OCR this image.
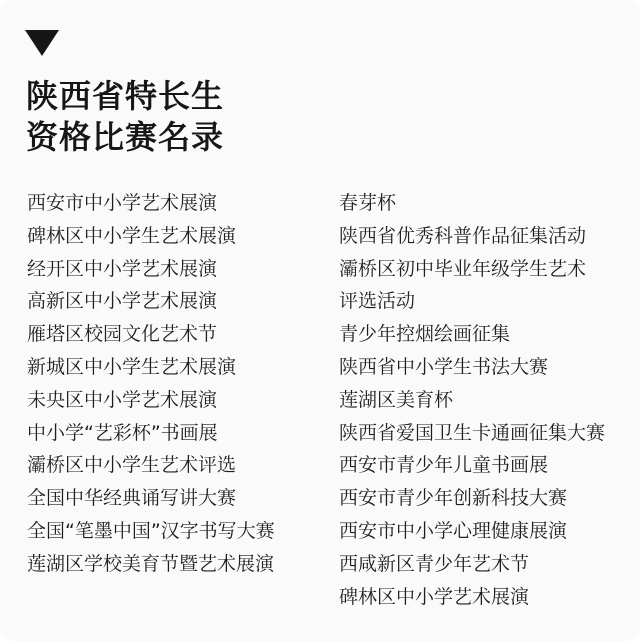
陕西省特长生
资格比赛名录
西安市中小学艺术展演
碑林区中小学生艺术展演
经开区中小学艺术展演
高新区中小学艺术展演
雁塔区校园文化艺术节
新城区中小学生艺术展演
未央区中小学艺术展演
中小学“艺彩杯”书画展
灞桥区中小学生艺术评选
全国中华经典诵写讲大赛
全国“笔墨中国”汉字书写大赛
莲湖区学校美育节暨艺术展演
春芽杯
陕西省优秀科普作品征集活动
灞桥区初中毕业年级学生艺术
评选活动
青少年控烟绘画征集
陕西省中小学生书法大赛
莲湖区美育杯
陕西省爱国卫生卡通画征集大赛
西安市青少年儿童书画展
西安市青少年创新科技大赛
西安市中小学心理健康展演
西咸新区青少年艺术节
碑林区中小学艺术展演
